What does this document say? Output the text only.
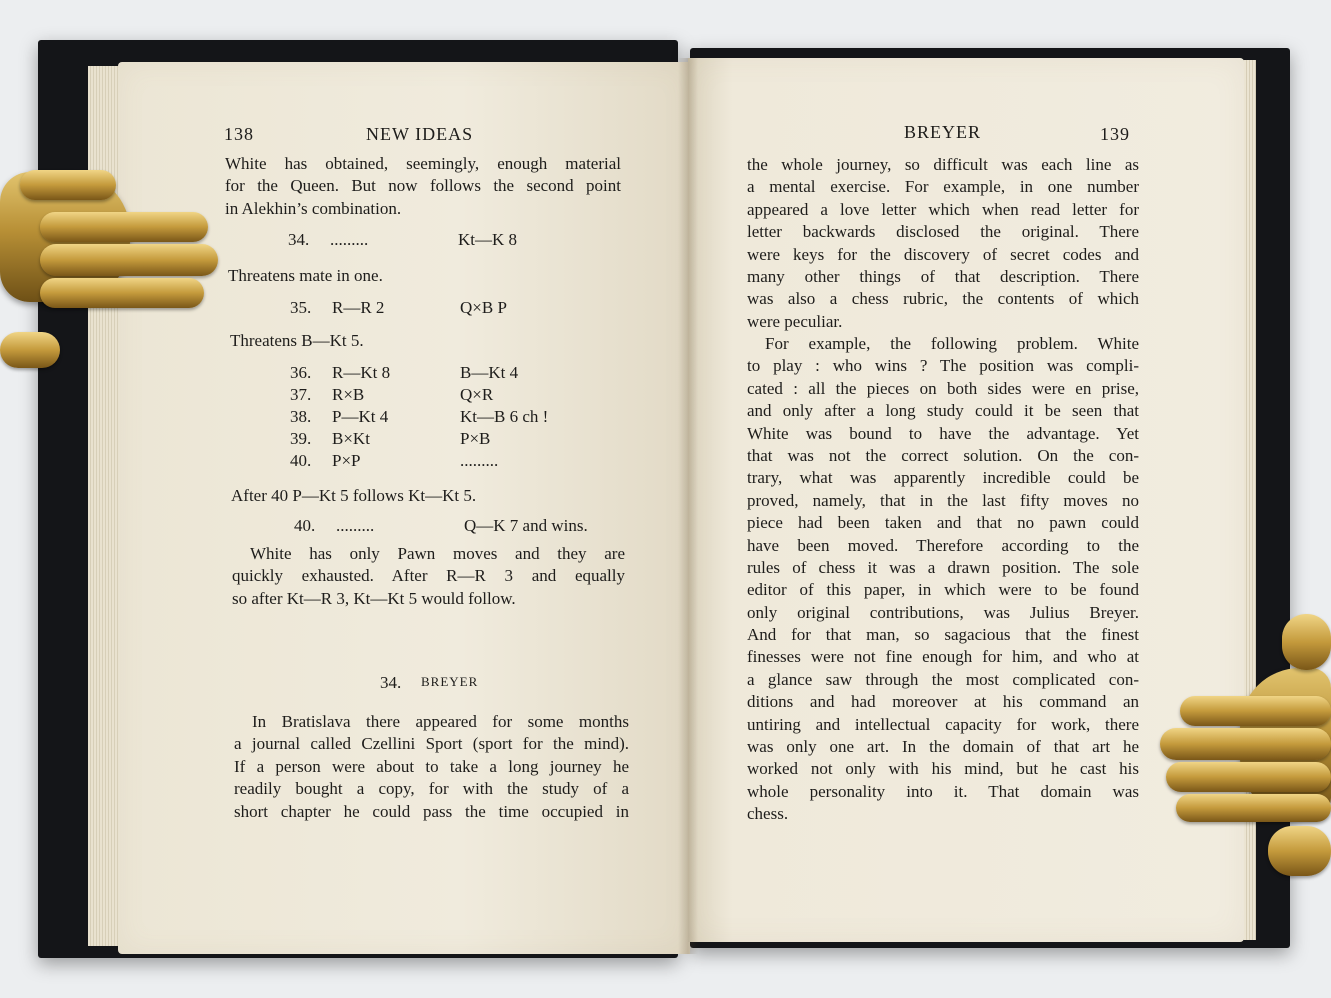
138	NEW IDEAS

White has obtained, seemingly, enough material

for the Queen. But now follows the second point

in Alekhin’s combination.

34. .........	Kt—K 8
Threatens mate in one.
35. R—R 2	Q×B P
Threatens B—Kt 5.
36. R—Kt 8	B—Kt 4
37. R×B	Q×R
38. P—Kt 4	Kt—B 6 ch !
39. B×Kt	P×B
40. P×P	.........
After 40 P—Kt 5 follows Kt—Kt 5.
40. .........	Q—K 7 and wins.

White has only Pawn moves and they are

quickly exhausted. After R—R 3 and equally

so after Kt—R 3, Kt—Kt 5 would follow.

34. BREYER

In Bratislava there appeared for some months

a journal called Czellini Sport (sport for the mind).

If a person were about to take a long journey he

readily bought a copy, for with the study of a

short chapter he could pass the time occupied in

BREYER	139

the whole journey, so difficult was each line as

a mental exercise. For example, in one number

appeared a love letter which when read letter for

letter backwards disclosed the original. There

were keys for the discovery of secret codes and

many other things of that description. There

was also a chess rubric, the contents of which

were peculiar.

For example, the following problem. White

to play : who wins ? The position was compli-

cated : all the pieces on both sides were en prise,

and only after a long study could it be seen that

White was bound to have the advantage. Yet

that was not the correct solution. On the con-

trary, what was apparently incredible could be

proved, namely, that in the last fifty moves no

piece had been taken and that no pawn could

have been moved. Therefore according to the

rules of chess it was a drawn position. The sole

editor of this paper, in which were to be found

only original contributions, was Julius Breyer.

And for that man, so sagacious that the finest

finesses were not fine enough for him, and who at

a glance saw through the most complicated con-

ditions and had moreover at his command an

untiring and intellectual capacity for work, there

was only one art. In the domain of that art he

worked not only with his mind, but he cast his

whole personality into it. That domain was

chess.
